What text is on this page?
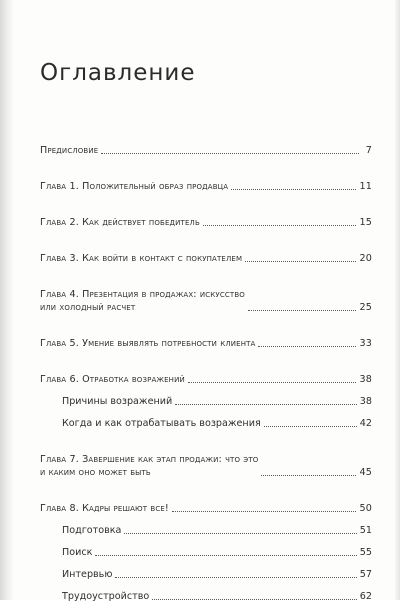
Оглавление
Предисловие	7
Глава 1. Положительный образ продавца	11
Глава 2. Как действует победитель	15
Глава 3. Как войти в контакт с покупателем	20
Глава 4. Презентация в продажах: искусство
или холодный расчет	25
Глава 5. Умение выявлять потребности клиента	33
Глава 6. Отработка возражений	38
Причины возражений	38
Когда и как отрабатывать возражения	42
Глава 7. Завершение как этап продажи: что это
и каким оно может быть	45
Глава 8. Кадры решают все!	50
Подготовка	51
Поиск	55
Интервью	57
Трудоустройство	62
